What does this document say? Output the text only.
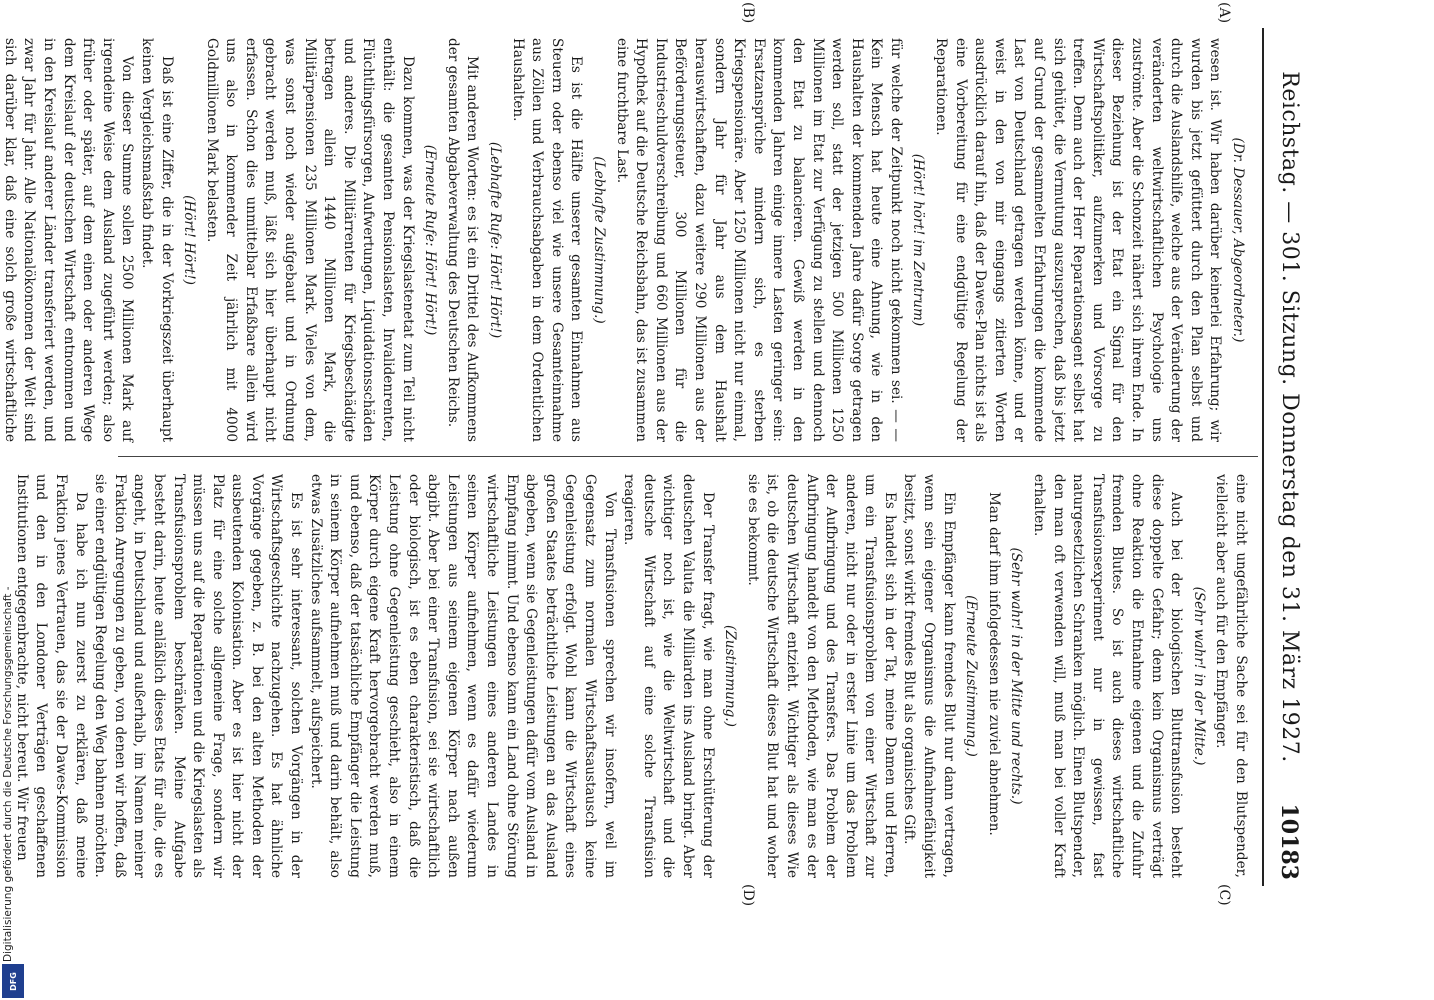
Reichstag. — 301. Sitzung. Donnerstag den 31. März 1927.
10183
(A)
(B)
(C)
(D)

(Dr. Dessauer, Abgeordneter.)

wesen ist. Wir haben darüber keinerlei Erfahrung; wir wurden bis jetzt gefüttert durch den Plan selbst und durch die Auslandshilfe, welche aus der Veränderung der veränderten weltwirtschaftlichen Psychologie uns zuströmte. Aber die Schonzeit nähert sich ihrem Ende. In dieser Beziehung ist der Etat ein Signal für den Wirtschaftspolitiker, aufzumerken und Vorsorge zu treffen. Denn auch der Herr Reparationsagent selbst hat sich gehütet, die Vermutung auszusprechen, daß bis jetzt auf Grund der gesammelten Erfahrungen die kommende Last von Deutschland getragen werden könne, und er weist in den von mir eingangs zitierten Worten ausdrücklich darauf hin, daß der Dawes-Plan nichts ist als eine Vorbereitung für eine endgültige Regelung der Reparationen.

(Hört! hört! im Zentrum)

für welche der Zeitpunkt noch nicht gekommen sei. — — Kein Mensch hat heute eine Ahnung, wie in den Haushalten der kommenden Jahre dafür Sorge getragen werden soll, statt der jetzigen 500 Millionen 1250 Millionen im Etat zur Verfügung zu stellen und dennoch den Etat zu balancieren. Gewiß werden in den kommenden Jahren einige innere Lasten geringer sein: Ersatzansprüche mindern sich, es sterben Kriegspensionäre. Aber 1250 Millionen nicht nur einmal, sondern Jahr für Jahr aus dem Haushalt herauswirtschaften, dazu weitere 290 Millionen aus der Beförderungssteuer, 300 Millionen für die Industrieschuldverschreibung und 660 Millionen aus der Hypothek auf die Deutsche Reichsbahn, das ist zusammen eine furchtbare Last.

(Lebhafte Zustimmung.)

Es ist die Hälfte unserer gesamten Einnahmen aus Steuern oder ebenso viel wie unsere Gesamteinnahme aus Zöllen und Verbrauchsabgaben in dem Ordentlichen Haushalten.

(Lebhafte Rufe: Hört! Hört!)

Mit anderen Worten: es ist ein Drittel des Aufkommens der gesamten Abgabeverwaltung des Deutschen Reichs.

(Erneute Rufe: Hört! Hört!)

Dazu kommen, was der Kriegslastenetat zum Teil nicht enthält: die gesamten Pensionslasten, Invalidenrenten, Flüchtlingsfürsorgen, Aufwertungen, Liquidationsschäden und anderes. Die Militärrenten für Kriegsbeschädigte betragen allein 1440 Millionen Mark, die Militärpensionen 235 Millionen Mark. Vieles von dem, was sonst noch wieder aufgebaut und in Ordnung gebracht werden muß, läßt sich hier überhaupt nicht erfassen. Schon dies unmittelbar Erfaßbare allein wird uns also in kommender Zeit jährlich mit 4000 Goldmillionen Mark belasten.

(Hört! Hört!)

Daß ist eine Ziffer, die in der Vorkriegszeit überhaupt keinen Vergleichsmaßstab findet.

Von dieser Summe sollen 2500 Millionen Mark auf irgendeine Weise dem Ausland zugeführt werden; also früher oder später, auf dem einen oder anderen Wege dem Kreislauf der deutschen Wirtschaft entnommen und in den Kreislauf anderer Länder transferiert werden, und zwar Jahr für Jahr. Alle Nationalökonomen der Welt sind sich darüber klar, daß eine solch große wirtschaftliche

eine nicht ungefährliche Sache sei für den Blutspender, vielleicht aber auch für den Empfänger.

(Sehr wahr! in der Mitte.)

Auch bei der biologischen Bluttransfusion besteht diese doppelte Gefahr; denn kein Organismus verträgt ohne Reaktion die Entnahme eigenen und die Zufuhr fremden Blutes. So ist auch dieses wirtschaftliche Transfusionsexperiment nur in gewissen, fast naturgesetzlichen Schranken möglich. Einen Blutspender, den man oft verwenden will, muß man bei voller Kraft erhalten.

(Sehr wahr! in der Mitte und rechts.)

Man darf ihm infolgedessen nie zuviel abnehmen.

(Erneute Zustimmung.)

Ein Empfänger kann fremdes Blut nur dann vertragen, wenn sein eigener Organismus die Aufnahmefähigkeit besitzt, sonst wirkt fremdes Blut als organisches Gift.

Es handelt sich in der Tat, meine Damen und Herren, um ein Transfusionsproblem von einer Wirtschaft zur anderen, nicht nur oder in erster Linie um das Problem der Aufbringung und des Transfers. Das Problem der Aufbringung handelt von den Methoden, wie man es der deutschen Wirtschaft entzieht. Wichtiger als dieses Wie ist, ob die deutsche Wirtschaft dieses Blut hat und woher sie es bekommt.

(Zustimmung.)

Der Transfer fragt, wie man ohne Erschütterung der deutschen Valuta die Milliarden ins Ausland bringt. Aber wichtiger noch ist, wie die Weltwirtschaft und die deutsche Wirtschaft auf eine solche Transfusion reagieren.

Von Transfusionen sprechen wir insofern, weil im Gegensatz zum normalen Wirtschaftsaustausch keine Gegenleistung erfolgt. Wohl kann die Wirtschaft eines großen Staates beträchtliche Leistungen an das Ausland abgeben, wenn sie Gegenleistungen dafür vom Ausland in Empfang nimmt. Und ebenso kann ein Land ohne Störung wirtschaftliche Leistungen eines anderen Landes in seinen Körper aufnehmen, wenn es dafür wiederum Leistungen aus seinem eigenen Körper nach außen abgibt. Aber bei einer Transfusion, sei sie wirtschaftlich oder biologisch, ist es eben charakteristisch, daß die Leistung ohne Gegenleistung geschieht, also in einem Körper durch eigene Kraft hervorgebracht werden muß, und ebenso, daß der tatsächliche Empfänger die Leistung in seinem Körper aufnehmen muß und darin behält, also etwas Zusätzliches aufsammelt, aufspeichert.

Es ist sehr interessant, solchen Vorgängen in der Wirtschaftsgeschichte nachzugehen. Es hat ähnliche Vorgänge gegeben, z. B. bei den alten Methoden der ausbeutenden Kolonisation. Aber es ist hier nicht der Platz für eine solche allgemeine Frage, sondern wir müssen uns auf die Reparationen und die Kriegslasten als Transfusionsproblem beschränken. Meine Aufgabe besteht darin, heute anläßlich dieses Etats für alle, die es angeht, in Deutschland und außerhalb, im Namen meiner Fraktion Anregungen zu geben, von denen wir hoffen, daß sie einer endgültigen Regelung den Weg bahnen möchten.

Da habe ich nun zuerst zu erklären, daß meine Fraktion jenes Vertrauen, das sie der Dawes-Kommission und den in den Londoner Verträgen geschaffenen Institutionen entgegenbrachte, nicht bereut. Wir freuen

DFG
Digitalisierung gefördert durch die Deutsche Forschungsgemeinschaft -
